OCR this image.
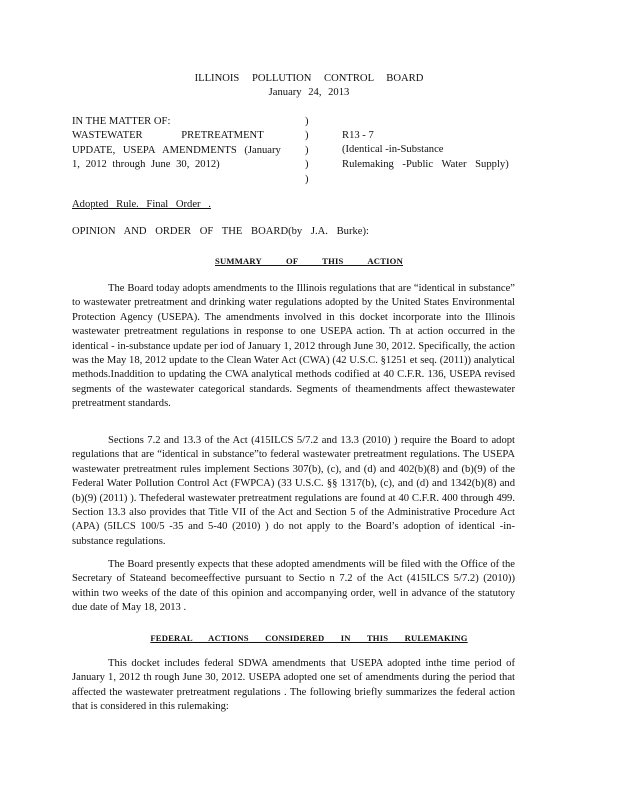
ILLINOIS POLLUTION CONTROL BOARD
January 24, 2013
IN THE MATTER OF:
WASTEWATER PRETREATMENT
UPDATE, USEPA AMENDMENTS (January
1, 2012 through June 30, 2012)
)
)
)
)
)
R13 - 7
(Identical -in-Substance
Rulemaking -Public Water Supply)
Adopted Rule. Final Order .
OPINION AND ORDER OF THE BOARD(by J.A. Burke):
SUMMARY OF THIS ACTION
The Board today adopts amendments to the Illinois regulations that are “identical in substance” to wastewater pretreatment and drinking water regulations adopted by the United States Environmental Protection Agency (USEPA). The amendments involved in this docket incorporate into the Illinois wastewater pretreatment regulations in response to one USEPA action. Th at action occurred in the identical - in-substance update per iod of January 1, 2012 through June 30, 2012. Specifically, the action was the May 18, 2012 update to the Clean Water Act (CWA) (42 U.S.C. §1251 et seq. (2011)) analytical methods.Inaddition to updating the CWA analytical methods codified at 40 C.F.R. 136, USEPA revised segments of the wastewater categorical standards. Segments of theamendments affect thewastewater pretreatment standards.
Sections 7.2 and 13.3 of the Act (415ILCS 5/7.2 and 13.3 (2010) ) require the Board to adopt regulations that are “identical in substance”to federal wastewater pretreatment regulations. The USEPA wastewater pretreatment rules implement Sections 307(b), (c), and (d) and 402(b)(8) and (b)(9) of the Federal Water Pollution Control Act (FWPCA) (33 U.S.C. §§ 1317(b), (c), and (d) and 1342(b)(8) and (b)(9) (2011) ). Thefederal wastewater pretreatment regulations are found at 40 C.F.R. 400 through 499. Section 13.3 also provides that Title VII of the Act and Section 5 of the Administrative Procedure Act (APA) (5ILCS 100/5 -35 and 5-40 (2010) ) do not apply to the Board’s adoption of identical -in-substance regulations.
The Board presently expects that these adopted amendments will be filed with the Office of the Secretary of Stateand becomeeffective pursuant to Sectio n 7.2 of the Act (415ILCS 5/7.2) (2010)) within two weeks of the date of this opinion and accompanying order, well in advance of the statutory due date of May 18, 2013 .
FEDERAL ACTIONS CONSIDERED IN THIS RULEMAKING
This docket includes federal SDWA amendments that USEPA adopted inthe time period of January 1, 2012 th rough June 30, 2012. USEPA adopted one set of amendments during the period that affected the wastewater pretreatment regulations . The following briefly summarizes the federal action that is considered in this rulemaking:
